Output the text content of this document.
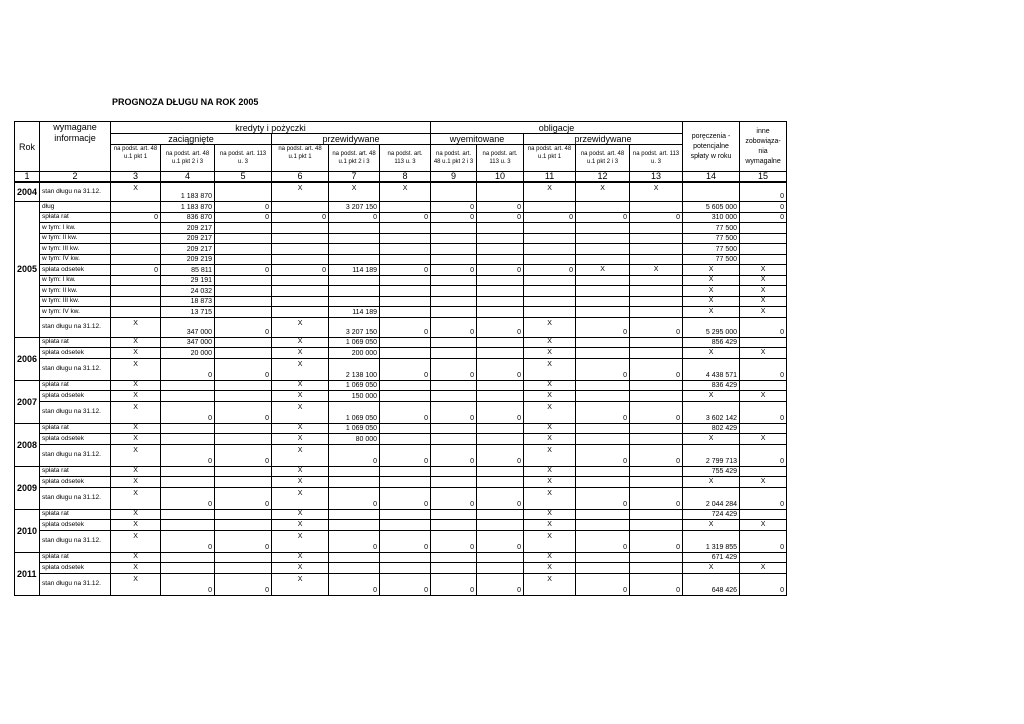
PROGNOZA DŁUGU NA ROK 2005
Rok	wymagane informacje	kredyty i pożyczki						obligacje					poręczenia - potencjalne spłaty w roku	inne zobowiąza- nia wymagalne
		zaciągnięte			przewidywane			wyemitowane		przewidywane				
		na podst. art. 48 u.1 pkt 1	na podst. art. 48 u.1 pkt 2 i 3	na podst. art. 113 u. 3	na podst. art. 48 u.1 pkt 1	na podst. art. 48 u.1 pkt 2 i 3	na podst. art. 113 u. 3	na podst. art. 48 u.1 pkt 2 i 3	na podst. art. 113 u. 3	na podst. art. 48 u.1 pkt 1	na podst. art. 48 u.1 pkt 2 i 3	na podst. art. 113 u. 3		
1	2	3	4	5	6	7	8	9	10	11	12	13	14	15
2004	stan długu na 31.12.	X	1 183 870		X	X	X			X	X	X		0
2005	dług		1 183 870	0		3 207 150		0	0				5 605 000	0
	spłata rat	0	836 870	0	0	0	0	0	0	0	0	0	310 000	0
	w tym: I kw.		209 217										77 500	
	w tym: II kw.		209 217										77 500	
	w tym: III kw.		209 217										77 500	
	w tym: IV kw.		209 219										77 500	
	spłata odsetek	0	85 811	0	0	114 189	0	0	0	0	X	X	X	X
	w tym: I kw.		29 191										X	X
	w tym: II kw.		24 032										X	X
	w tym: III kw.		18 873										X	X
	w tym: IV kw.		13 715			114 189							X	X
	stan długu na 31.12.	X	347 000	0	X	3 207 150	0	0	0	X	0	0	5 295 000	0
2006	spłata rat	X	347 000		X	1 069 050				X			856 429	
	spłata odsetek	X	20 000		X	200 000				X			X	X
	stan długu na 31.12.	X	0	0	X	2 138 100	0	0	0	X	0	0	4 438 571	0
2007	spłata rat	X			X	1 069 050				X			836 429	
	spłata odsetek	X			X	150 000				X			X	X
	stan długu na 31.12.	X	0	0	X	1 069 050	0	0	0	X	0	0	3 602 142	0
2008	spłata rat	X			X	1 069 050				X			802 429	
	spłata odsetek	X			X	80 000				X			X	X
	stan długu na 31.12.	X	0	0	X	0	0	0	0	X	0	0	2 799 713	0
2009	spłata rat	X			X					X			755 429	
	spłata odsetek	X			X					X			X	X
	stan długu na 31.12.	X	0	0	X	0	0	0	0	X	0	0	2 044 284	0
2010	spłata rat	X			X					X			724 429	
	spłata odsetek	X			X					X			X	X
	stan długu na 31.12.	X	0	0	X	0	0	0	0	X	0	0	1 319 855	0
2011	spłata rat	X			X					X			671 429	
	spłata odsetek	X			X					X			X	X
	stan długu na 31.12.	X	0	0	X	0	0	0	0	X	0	0	648 426	0
